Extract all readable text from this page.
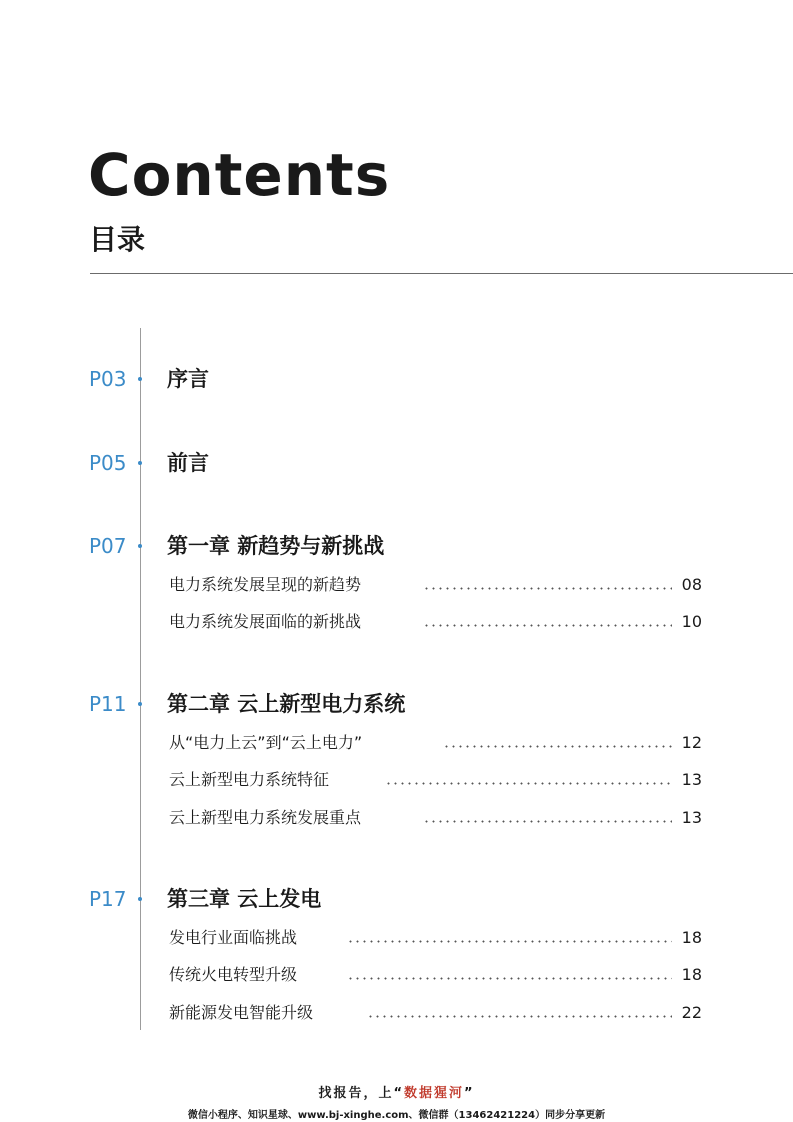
Contents
目录
P03 序言
P05 前言
P07 第一章 新趋势与新挑战
电力系统发展呈现的新趋势	08
电力系统发展面临的新挑战	10
P11 第二章 云上新型电力系统
从“电力上云”到“云上电力”	12
云上新型电力系统特征	13
云上新型电力系统发展重点	13
P17 第三章 云上发电
发电行业面临挑战	18
传统火电转型升级	18
新能源发电智能升级	22
找报告，上“数据猩河”
微信小程序、知识星球、www.bj-xinghe.com、微信群（13462421224）同步分享更新
